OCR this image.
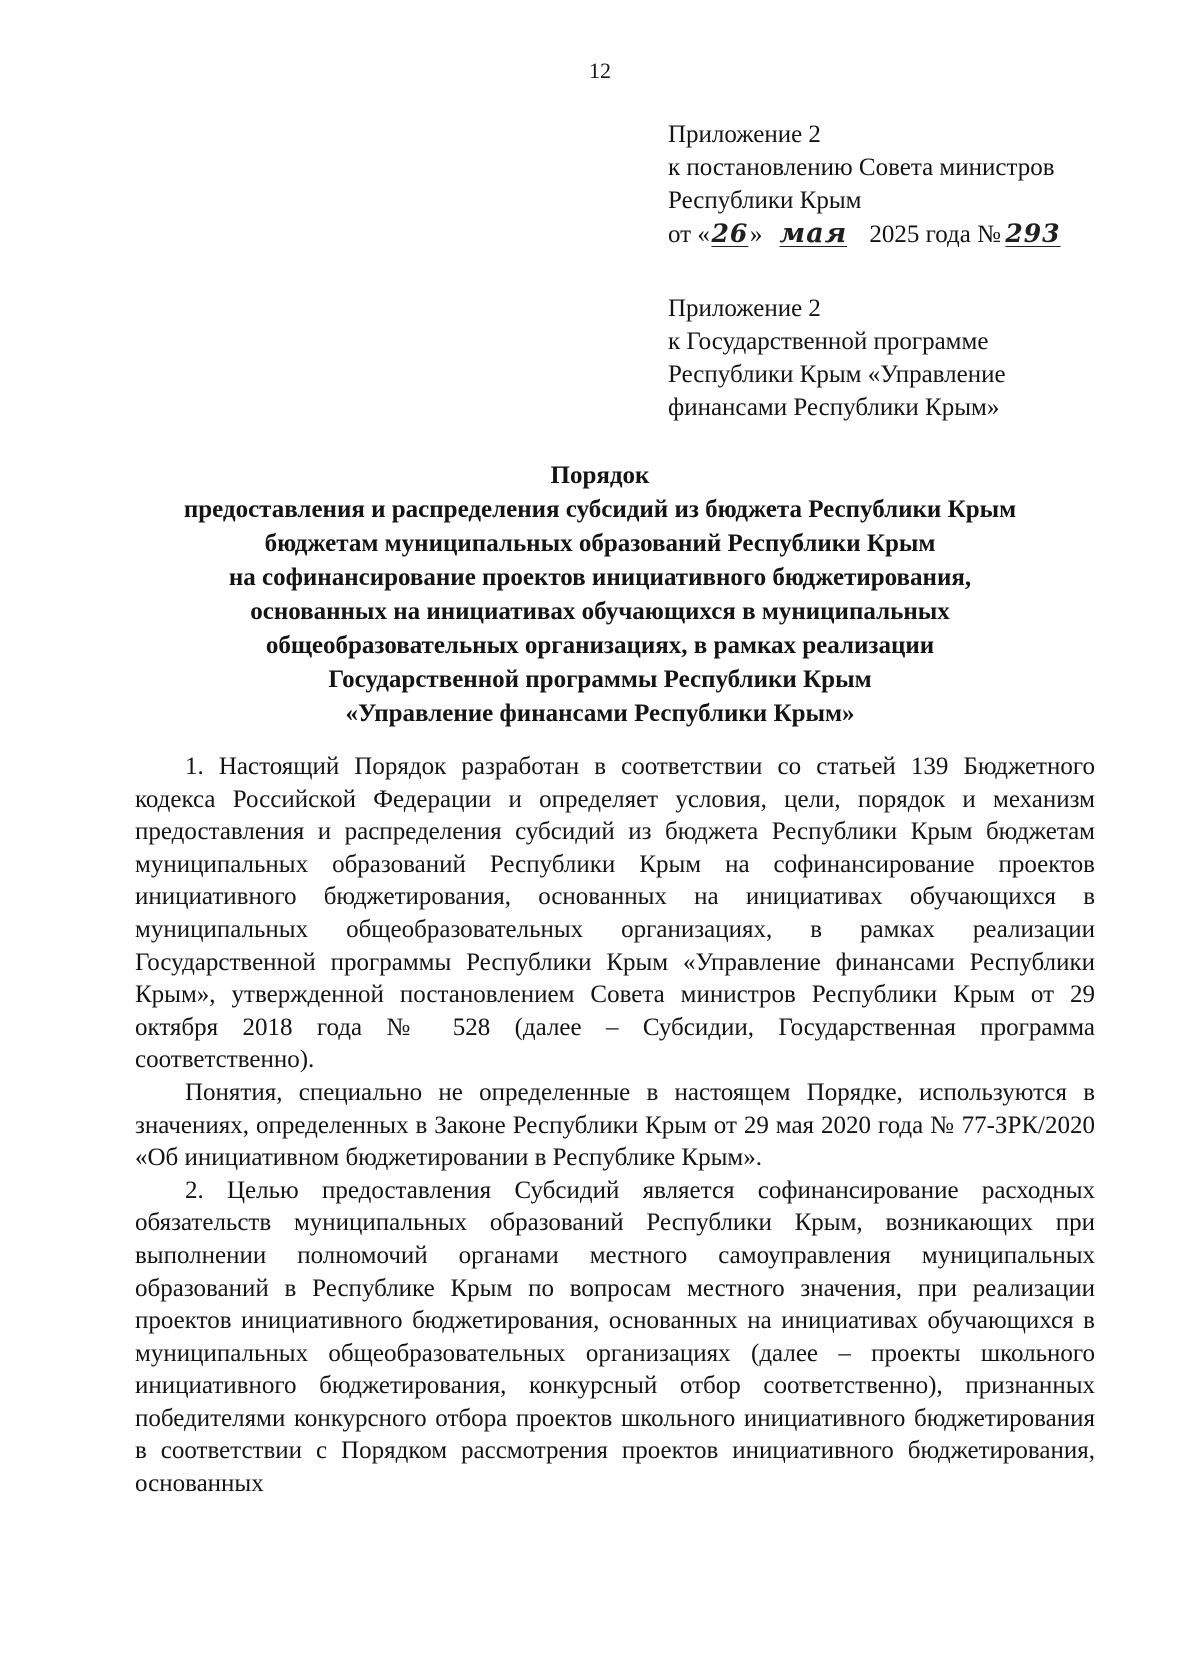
12
Приложение 2
к постановлению Совета министров
Республики Крым
от «26» мая  2025 года № 293
Приложение 2
к Государственной программе
Республики Крым «Управление
финансами Республики Крым»
Порядок
предоставления и распределения субсидий из бюджета Республики Крым
бюджетам муниципальных образований Республики Крым
на софинансирование проектов инициативного бюджетирования,
основанных на инициативах обучающихся в муниципальных
общеобразовательных организациях, в рамках реализации
Государственной программы Республики Крым
«Управление финансами Республики Крым»

1. Настоящий Порядок разработан в соответствии со статьей 139 Бюджетного кодекса Российской Федерации и определяет условия, цели, порядок и механизм предоставления и распределения субсидий из бюджета Республики Крым бюджетам муниципальных образований Республики Крым на софинансирование проектов инициативного бюджетирования, основанных на инициативах обучающихся в муниципальных общеобразовательных организациях, в рамках реализации Государственной программы Республики Крым «Управление финансами Республики Крым», утвержденной постановлением Совета министров Республики Крым от 29 октября 2018 года № 528 (далее – Субсидии, Государственная программа соответственно).

Понятия, специально не определенные в настоящем Порядке, используются в значениях, определенных в Законе Республики Крым от 29 мая 2020 года № 77-ЗРК/2020 «Об инициативном бюджетировании в Республике Крым».

2. Целью предоставления Субсидий является софинансирование расходных обязательств муниципальных образований Республики Крым, возникающих при выполнении полномочий органами местного самоуправления муниципальных образований в Республике Крым по вопросам местного значения, при реализации проектов инициативного бюджетирования, основанных на инициативах обучающихся в муниципальных общеобразовательных организациях (далее – проекты школьного инициативного бюджетирования, конкурсный отбор соответственно), признанных победителями конкурсного отбора проектов школьного инициативного бюджетирования в соответствии с Порядком рассмотрения проектов инициативного бюджетирования, основанных
